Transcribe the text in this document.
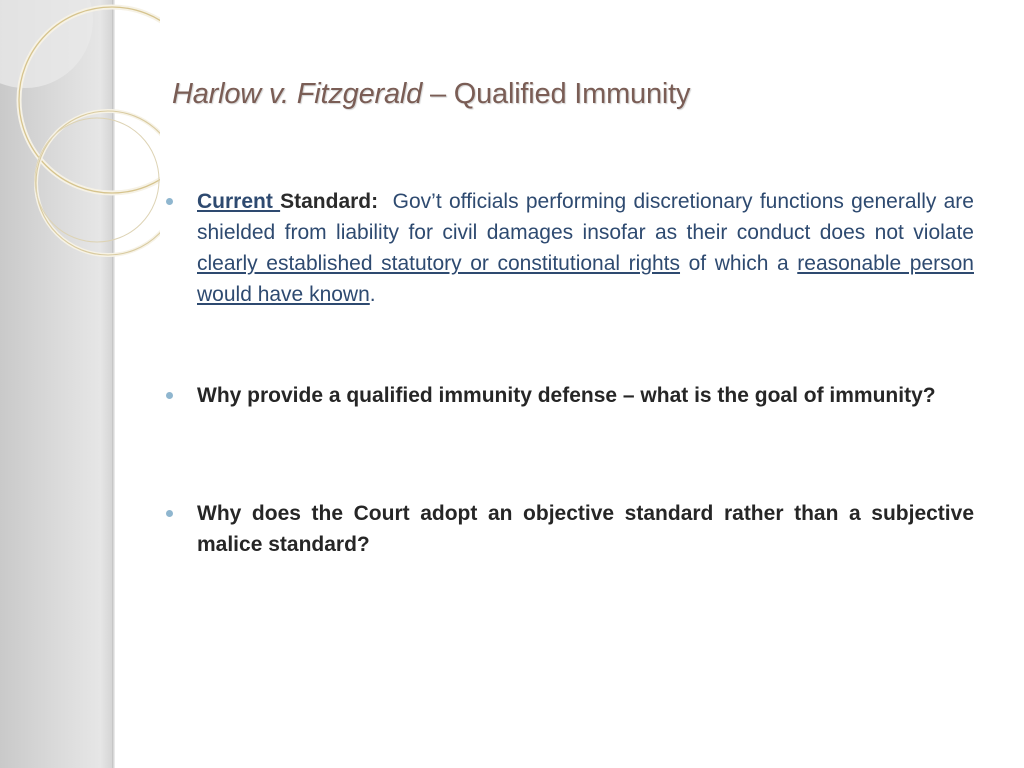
Harlow v. Fitzgerald – Qualified Immunity
Current Standard:  Gov’t officials performing discretionary functions generally are shielded from liability for civil damages insofar as their conduct does not violate clearly established statutory or constitutional rights of which a reasonable person would have known.
Why provide a qualified immunity defense – what is the goal of immunity?
Why does the Court adopt an objective standard rather than a subjective malice standard?
